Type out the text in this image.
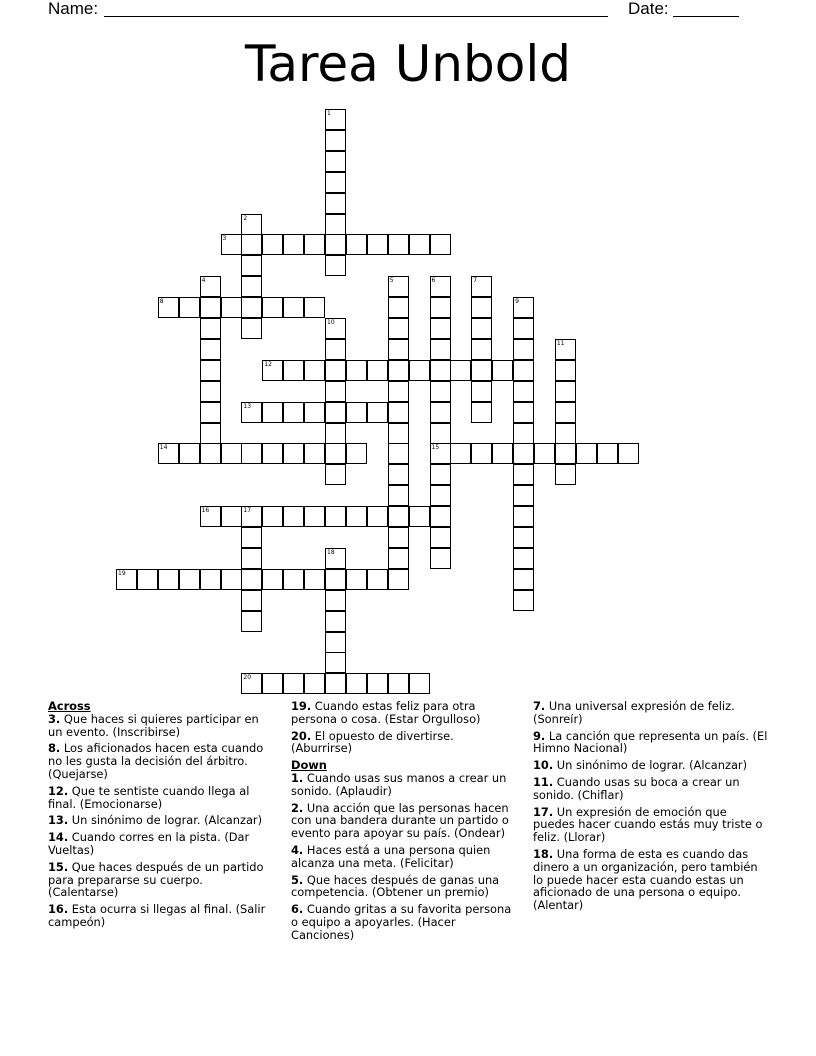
Name:	Date:
Tarea Unbold
1
2
3
4	5	6
15
7
8	9
10
11
12
13
14
16	17
18
19
20
Across
3. Que haces si quieres participar en un evento. (Inscribirse)
8. Los aficionados hacen esta cuando no les gusta la decisión del árbitro. (Quejarse)
12. Que te sentiste cuando llega al final. (Emocionarse)
13. Un sinónimo de lograr. (Alcanzar)
14. Cuando corres en la pista. (Dar Vueltas)
15. Que haces después de un partido para prepararse su cuerpo. (Calentarse)
16. Esta ocurra si llegas al final. (Salir campeón)
19. Cuando estas feliz para otra persona o cosa. (Estar Orgulloso)
20. El opuesto de divertirse. (Aburrirse)
Down
1. Cuando usas sus manos a crear un sonido. (Aplaudir)
2. Una acción que las personas hacen con una bandera durante un partido o evento para apoyar su país. (Ondear)
4. Haces está a una persona quien alcanza una meta. (Felicitar)
5. Que haces después de ganas una competencia. (Obtener un premio)
6. Cuando gritas a su favorita persona o equipo a apoyarles. (Hacer Canciones)
7. Una universal expresión de feliz. (Sonreír)
9. La canción que representa un país. (El Himno Nacional)
10. Un sinónimo de lograr. (Alcanzar)
11. Cuando usas su boca a crear un sonido. (Chiflar)
17. Un expresión de emoción que puedes hacer cuando estás muy triste o feliz. (Llorar)
18. Una forma de esta es cuando das dinero a un organización, pero también lo puede hacer esta cuando estas un aficionado de una persona o equipo. (Alentar)
